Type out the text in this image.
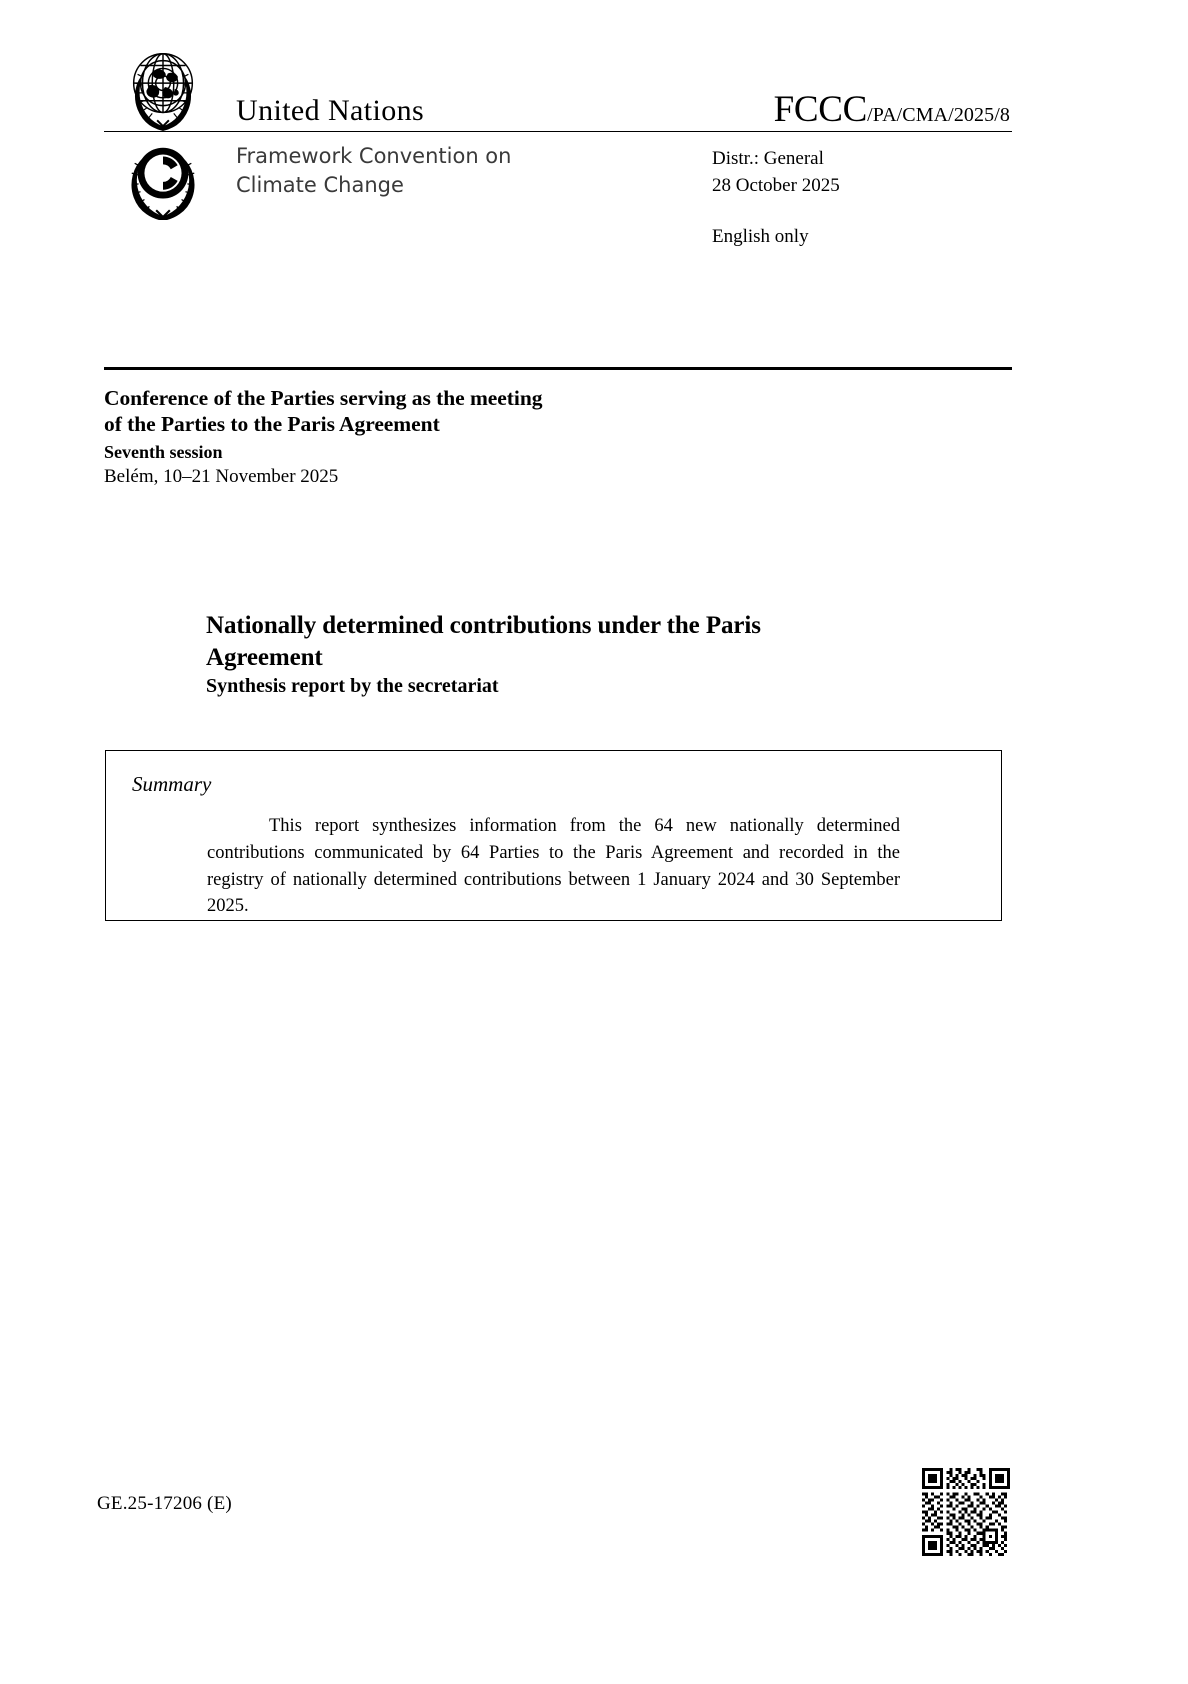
United Nations	FCCC/PA/CMA/2025/8
Framework Convention on
Climate Change
Distr.: General
28 October 2025
English only
Conference of the Parties serving as the meeting
of the Parties to the Paris Agreement
Seventh session
Belém, 10–21 November 2025
Nationally determined contributions under the Paris Agreement
Synthesis report by the secretariat
Summary
This report synthesizes information from the 64 new nationally determined contributions communicated by 64 Parties to the Paris Agreement and recorded in the registry of nationally determined contributions between 1 January 2024 and 30 September 2025.
GE.25-17206 (E)
